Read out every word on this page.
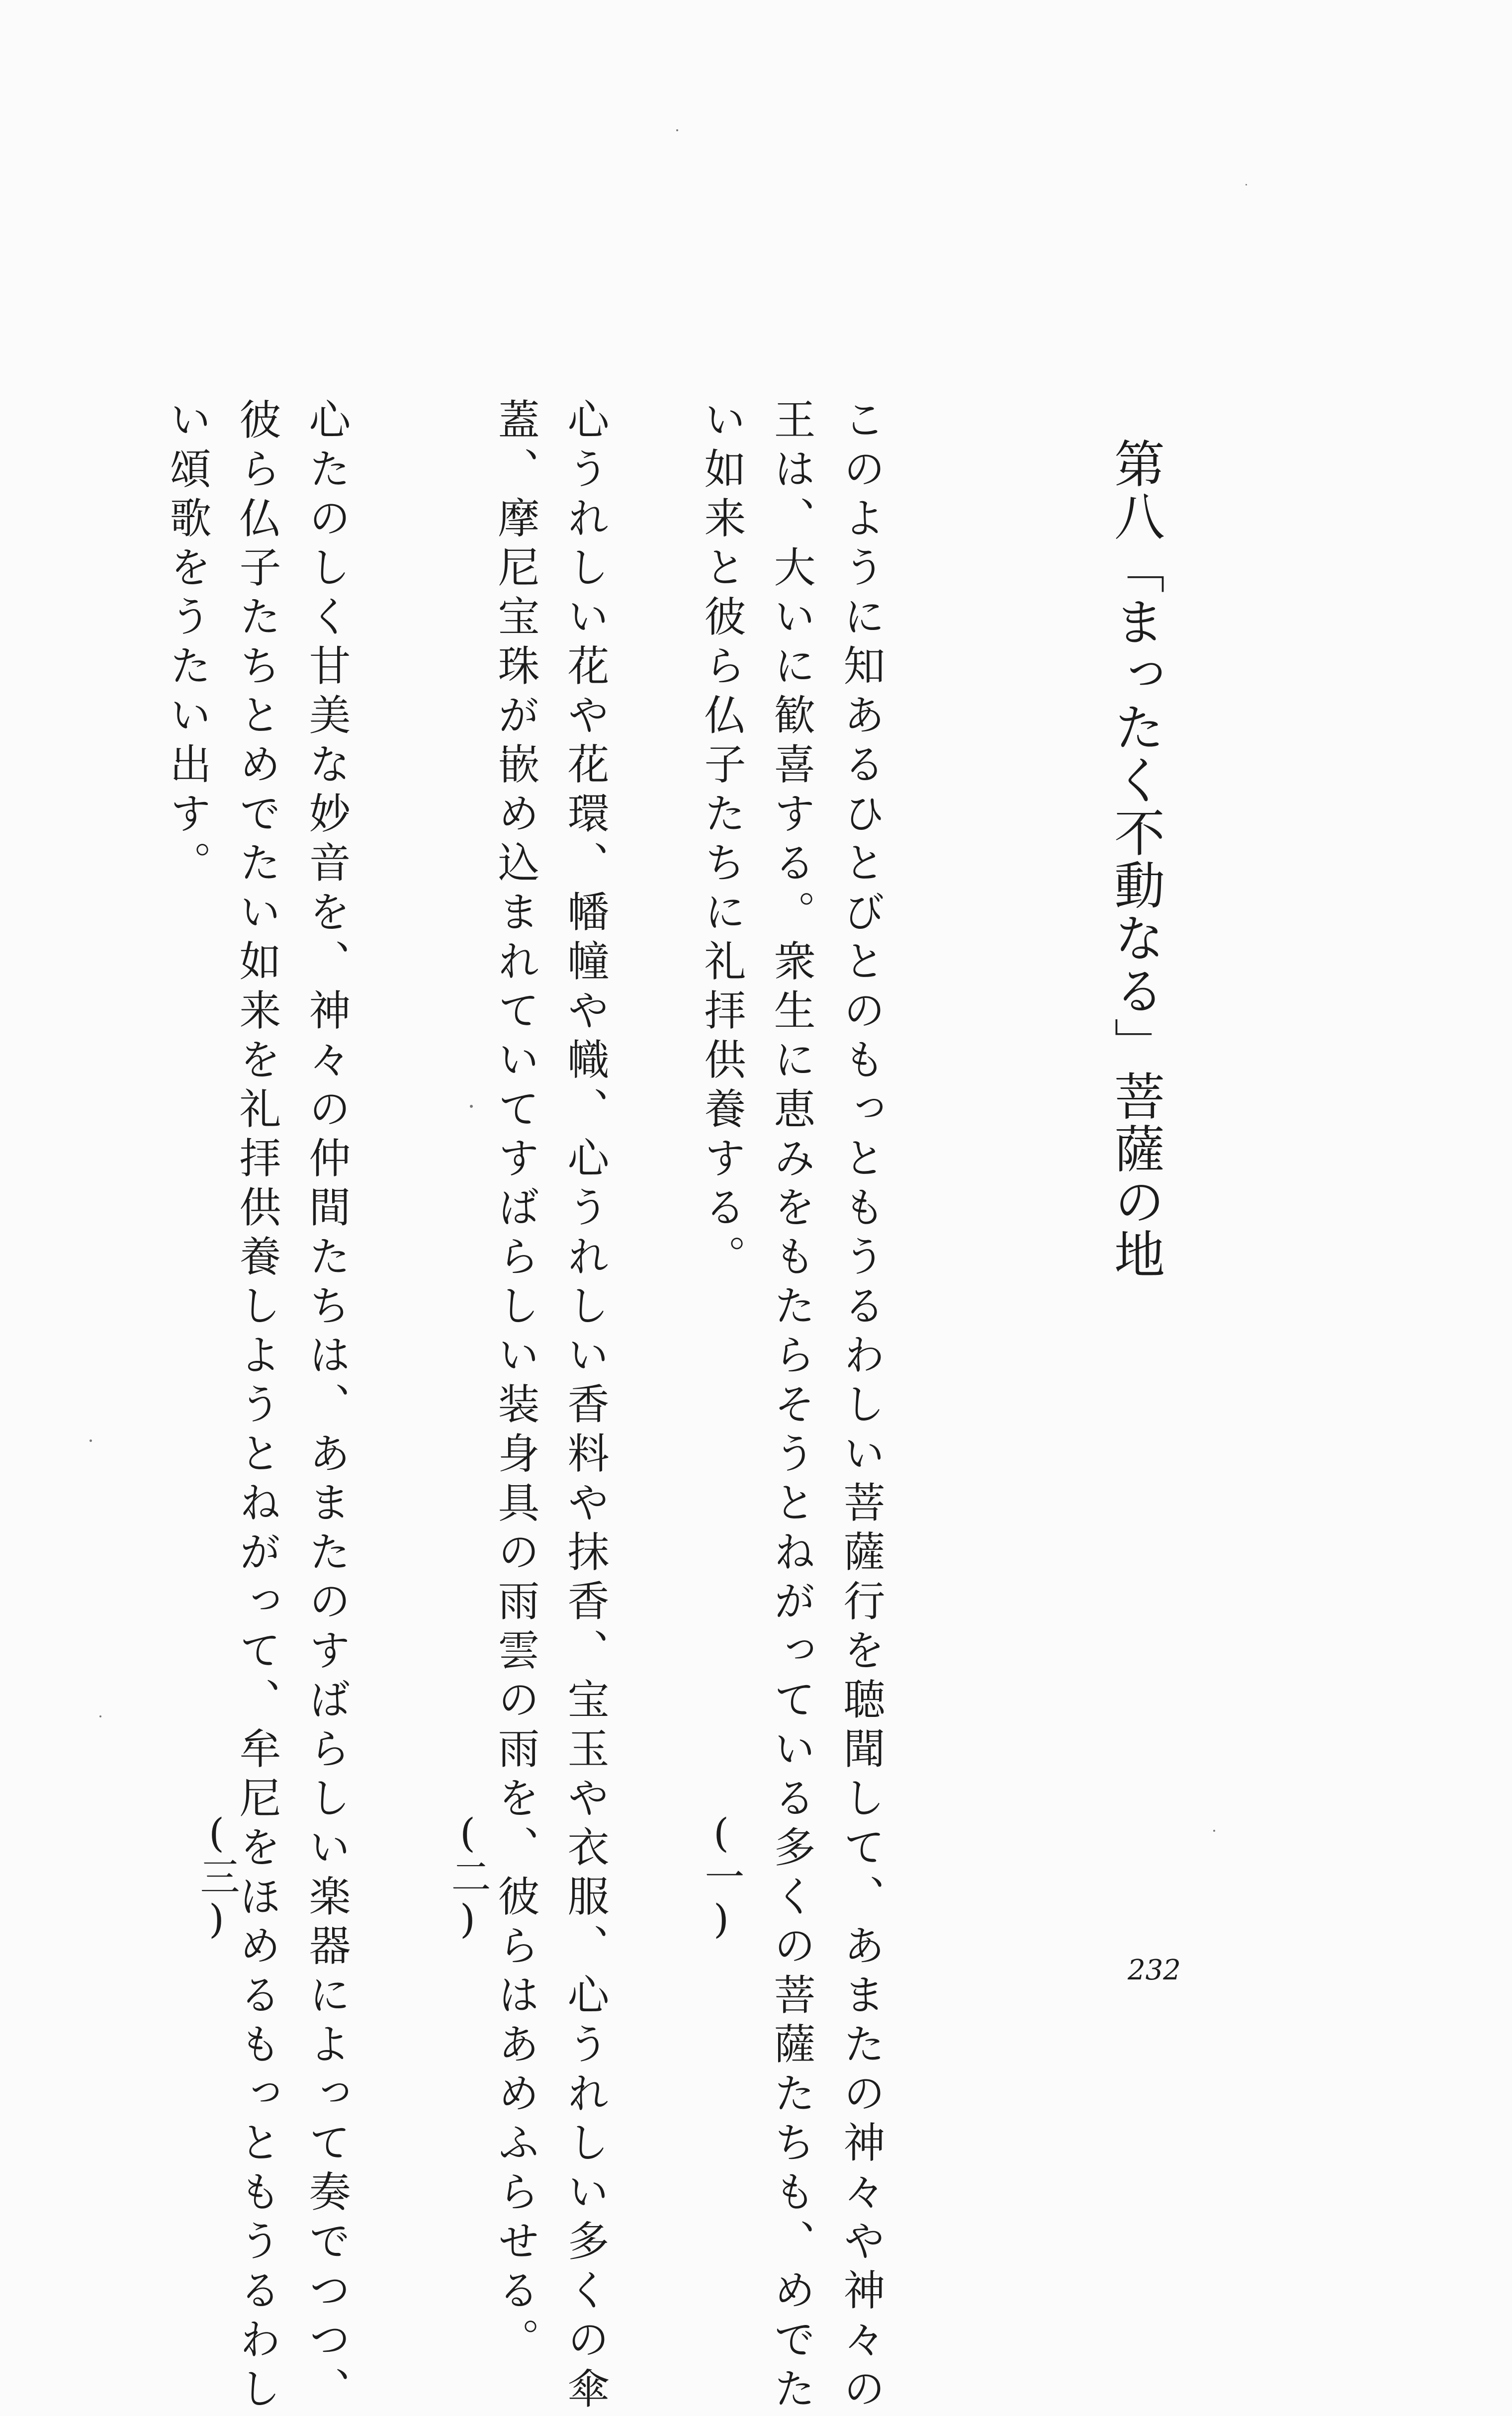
第八「まったく不動なる」菩薩の地
このように知あるひとびとのもっともうるわしい菩薩行を聴聞して、あまたの神々や神々の
王は、大いに歓喜する。衆生に恵みをもたらそうとねがっている多くの菩薩たちも、めでた
い如来と彼ら仏子たちに礼拝供養する。
(一)
心うれしい花や花環、幡幢や幟、心うれしい香料や抹香、宝玉や衣服、心うれしい多くの傘
蓋、摩尼宝珠が嵌め込まれていてすばらしい装身具の雨雲の雨を、彼らはあめふらせる。
(二)
心たのしく甘美な妙音を、神々の仲間たちは、あまたのすばらしい楽器によって奏でつつ、
彼ら仏子たちとめでたい如来を礼拝供養しようとねがって、牟尼をほめるもっともうるわし
い頌歌をうたい出す。
(三)
232
